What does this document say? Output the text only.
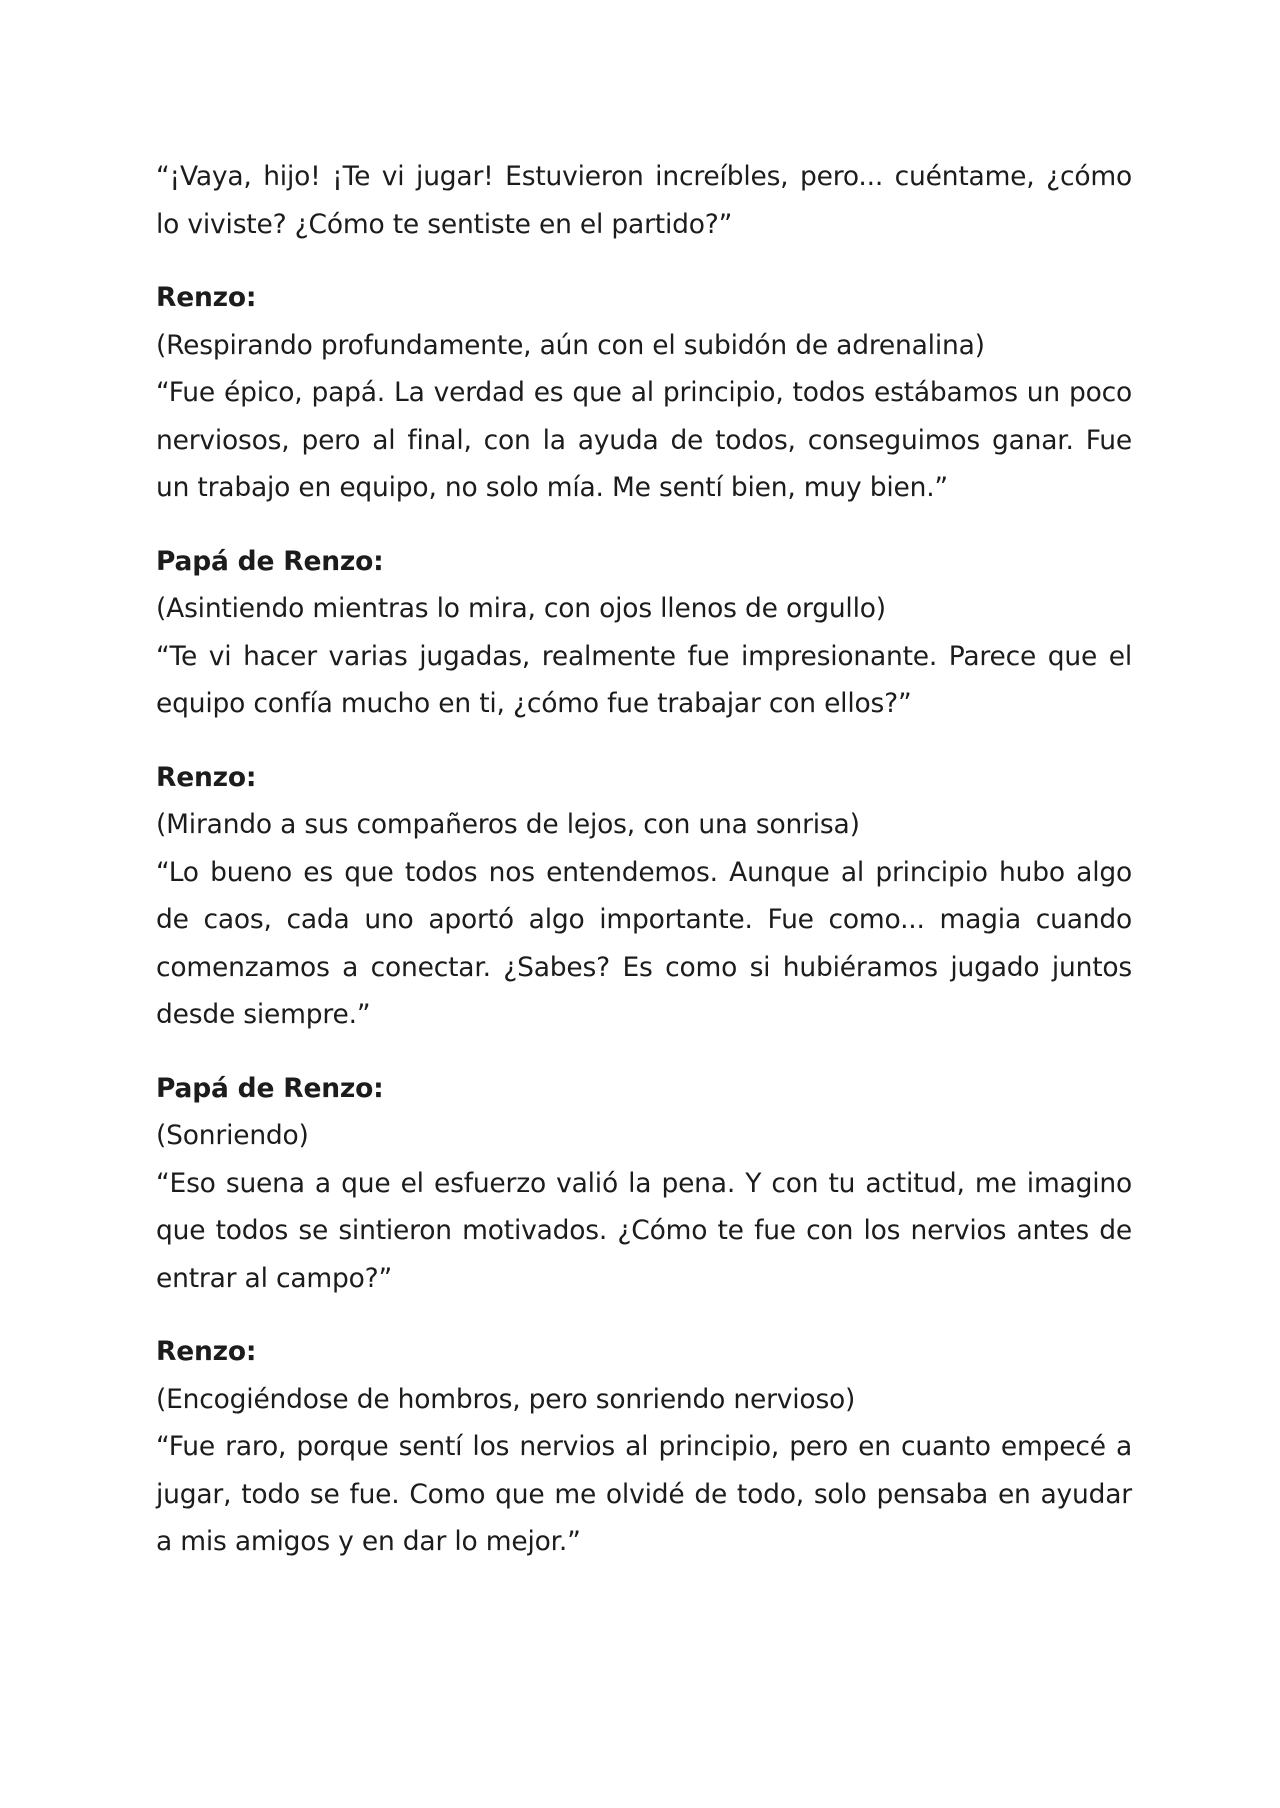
“¡Vaya, hijo! ¡Te vi jugar! Estuvieron increíbles, pero... cuéntame, ¿cómo lo viviste? ¿Cómo te sentiste en el partido?”

Renzo:

(Respirando profundamente, aún con el subidón de adrenalina)

“Fue épico, papá. La verdad es que al principio, todos estábamos un poco nerviosos, pero al final, con la ayuda de todos, conseguimos ganar. Fue un trabajo en equipo, no solo mía. Me sentí bien, muy bien.”

Papá de Renzo:

(Asintiendo mientras lo mira, con ojos llenos de orgullo)

“Te vi hacer varias jugadas, realmente fue impresionante. Parece que el equipo confía mucho en ti, ¿cómo fue trabajar con ellos?”

Renzo:

(Mirando a sus compañeros de lejos, con una sonrisa)

“Lo bueno es que todos nos entendemos. Aunque al principio hubo algo de caos, cada uno aportó algo importante. Fue como... magia cuando comenzamos a conectar. ¿Sabes? Es como si hubiéramos jugado juntos desde siempre.”

Papá de Renzo:

(Sonriendo)

“Eso suena a que el esfuerzo valió la pena. Y con tu actitud, me imagino que todos se sintieron motivados. ¿Cómo te fue con los nervios antes de entrar al campo?”

Renzo:

(Encogiéndose de hombros, pero sonriendo nervioso)

“Fue raro, porque sentí los nervios al principio, pero en cuanto empecé a jugar, todo se fue. Como que me olvidé de todo, solo pensaba en ayudar a mis amigos y en dar lo mejor.”
